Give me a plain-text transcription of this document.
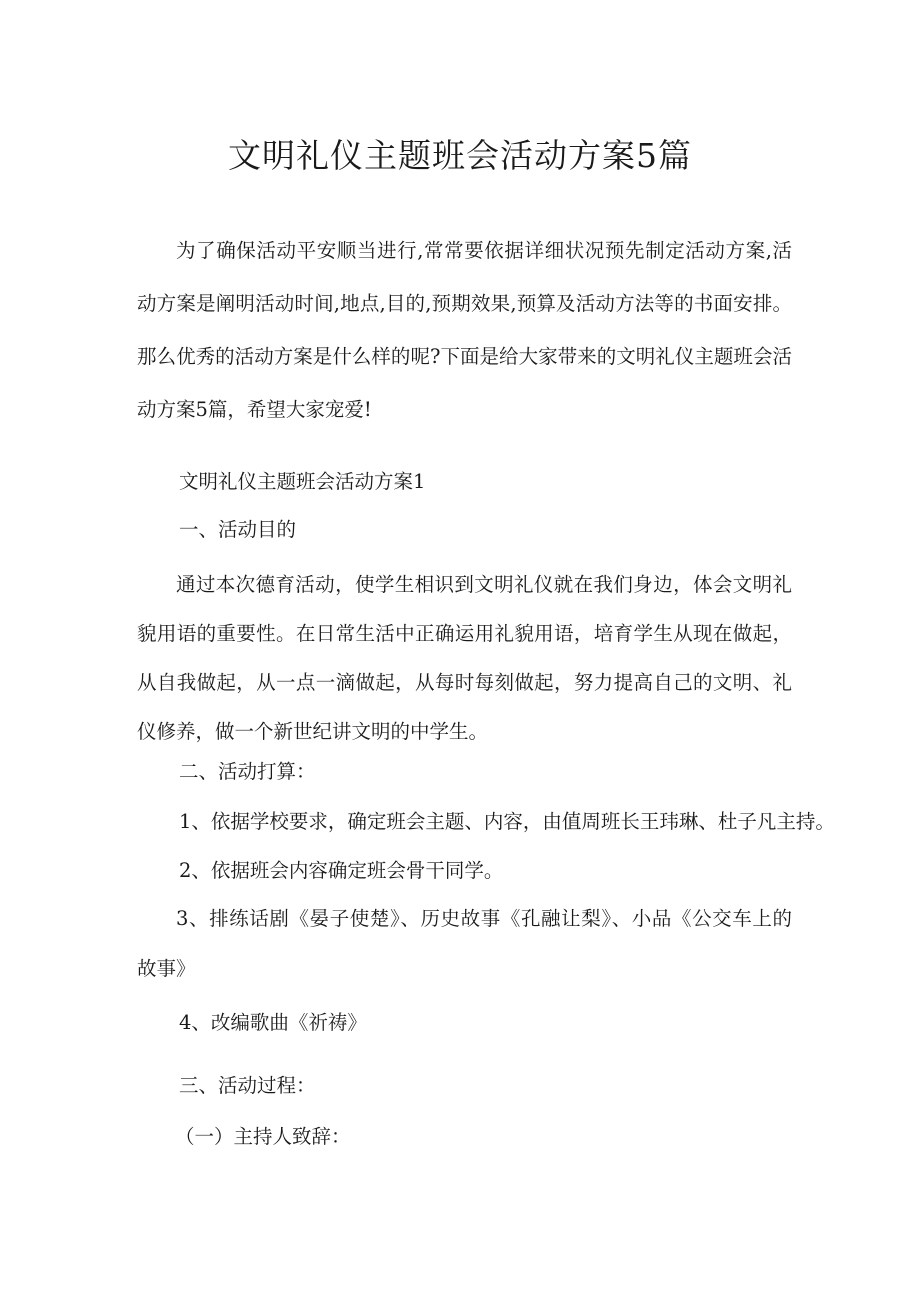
文明礼仪主题班会活动方案5篇

为了确保活动平安顺当进行,常常要依据详细状况预先制定活动方案,活动方案是阐明活动时间,地点,目的,预期效果,预算及活动方法等的书面安排。那么优秀的活动方案是什么样的呢?下面是给大家带来的文明礼仪主题班会活动方案5篇，希望大家宠爱!

文明礼仪主题班会活动方案1

一、活动目的

通过本次德育活动，使学生相识到文明礼仪就在我们身边，体会文明礼貌用语的重要性。在日常生活中正确运用礼貌用语，培育学生从现在做起，从自我做起，从一点一滴做起，从每时每刻做起，努力提高自己的文明、礼仪修养，做一个新世纪讲文明的中学生。

二、活动打算：

1、依据学校要求，确定班会主题、内容，由值周班长王玮琳、杜子凡主持。

2、依据班会内容确定班会骨干同学。

3、排练话剧《晏子使楚》、历史故事《孔融让梨》、小品《公交车上的故事》

4、改编歌曲《祈祷》

三、活动过程：

（一）主持人致辞：
